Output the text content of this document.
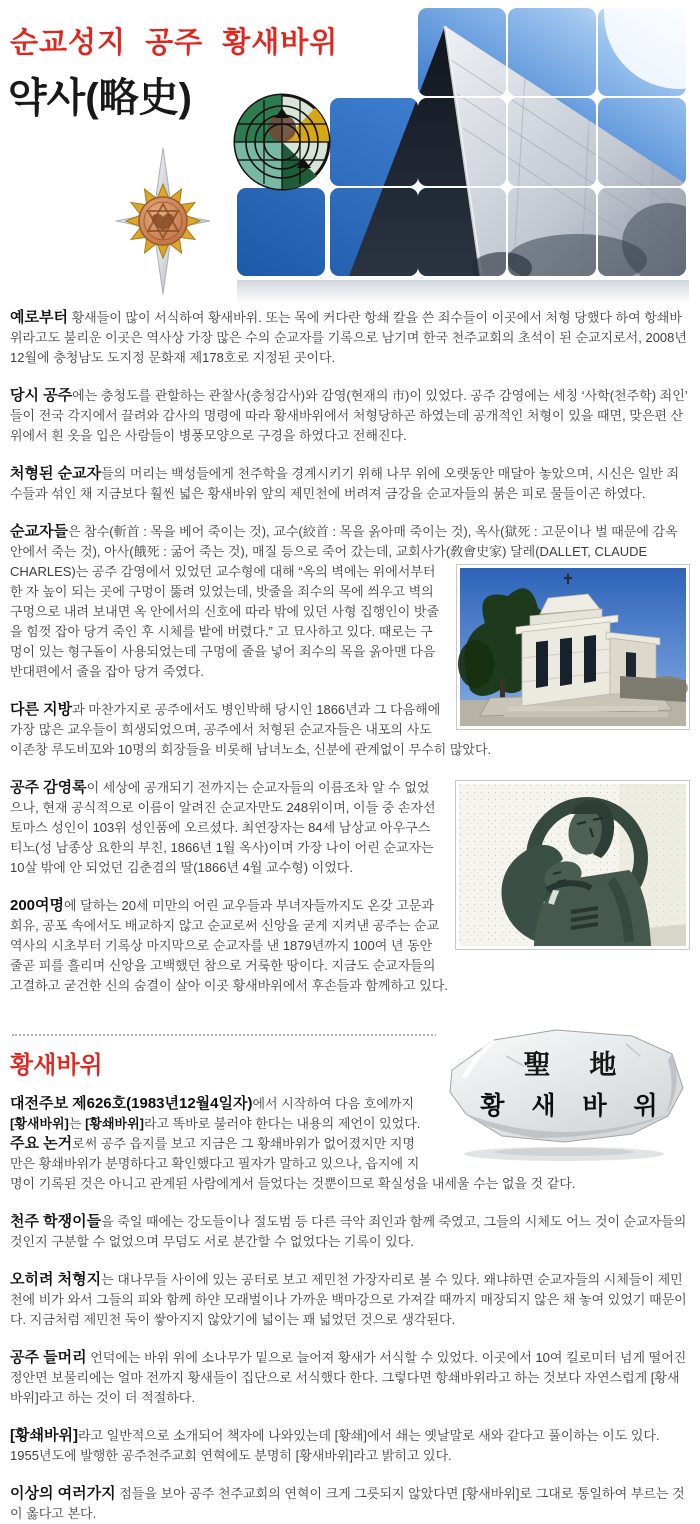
순교성지 공주 황새바위
약사(略史)

예로부터 황새들이 많이 서식하여 황새바위. 또는 목에 커다란 항쇄 칼을 쓴 죄수들이 이곳에서 처형 당했다 하여 항쇄바위라고도 불리운 이곳은 역사상 가장 많은 수의 순교자를 기록으로 남기며 한국 천주교회의 초석이 된 순교지로서, 2008년 12월에 충청남도 도지정 문화재 제178호로 지정된 곳이다.

당시 공주에는 충청도를 관할하는 관찰사(충청감사)와 감영(현재의 市)이 있었다. 공주 감영에는 세칭 ‘사학(천주학) 죄인’ 들이 전국 각지에서 끌려와 감사의 명령에 따라 황새바위에서 처형당하곤 하였는데 공개적인 처형이 있을 때면, 맞은편 산 위에서 흰 옷을 입은 사람들이 병풍모양으로 구경을 하였다고 전해진다.

처형된 순교자들의 머리는 백성들에게 천주학을 경계시키기 위해 나무 위에 오랫동안 매달아 놓았으며, 시신은 일반 죄수들과 섞인 채 지금보다 훨씬 넓은 황새바위 앞의 제민천에 버려져 금강을 순교자들의 붉은 피로 물들이곤 하였다.

순교자들은 참수(斬首 : 목을 베어 죽이는 것), 교수(絞首 : 목을 옭아매 죽이는 것), 옥사(獄死 : 고문이나 벌 때문에 감옥 안에서 죽는 것), 아사(餓死 : 굶어 죽는 것), 매질 등으로 죽어 갔는데, 교회사가(敎會史家) 달레(DALLET, CLAUDE CHARLES)는 공주 감영에서 있었던
교수형에 대해 “옥의 벽에는 위에서부터 한 자 높이 되는 곳에 구멍이 뚫려 있었는데, 밧줄을 죄수의 목에 씌우고 벽의 구멍으로 내려 보내면 옥 안에서의 신호에 따라 밖에 있던 사형 집행인이 밧줄을 힘껏 잡아 당겨 죽인 후 시체를 밭에 버렸다.” 고 묘사하고 있다. 때로는 구멍이 있는 형구돌이 사용되었는데 구멍에 줄을 넣어 죄수의 목을 옭아맨 다음 반대편에서 줄을 잡아 당겨 죽였다.

다른 지방과 마찬가지로 공주에서도 병인박해 당시인 1866년과 그 다음해에 가장 많은 교우들이 희생되었으며, 공주에서 처형된 순교자들은 내포의 사도 이존창 루도비꼬와 10명의 회장들을 비롯해 남녀노소, 신분에 관계없이 무수히 많았다.

공주 감영록이 세상에 공개되기 전까지는 순교자들의 이름조차 알 수 없었으나, 현재 공식적으로 이름이 알려진 순교자만도 248위이며, 이들 중 손자선 토마스 성인이 103위 성인품에 오르셨다. 최연장자는 84세 남상교 아우구스티노(성 남종상 요한의 부친, 1866년 1월 옥사)이며 가장 나이 어린 순교자는 10살 밖에 안 되었던 김춘겸의 딸(1866년 4월 교수형) 이었다.

200여명에 달하는 20세 미만의 어린 교우들과 부녀자들까지도 온갖 고문과 회유, 공포 속에서도 배교하지 않고 순교로써 신앙을 굳게 지켜낸 공주는 순교 역사의 시초부터 기록상 마지막으로 순교자를 낸 1879년까지 100여 년 동안 줄곧 피를 흘리며 신앙을 고백했던 참으로 거룩한 땅이다. 지금도 순교자들의 고결하고 굳건한 신의 숨결이 살아 이곳 황새바위에서 후손들과 함께하고 있다.

聖 地
황 새 바 위
황새바위

대전주보 제626호(1983년12월4일자)에서 시작하여 다음 호에까지
[황새바위]는 [황쇄바위]라고 똑바로 불러야 한다는 내용의 제언이 있었다.
주요 논거로써 공주 읍지를 보고 지금은 그 황쇄바위가 없어졌지만 지명만은 황쇄바위가 분명하다고 확인했다고 필자가 말하고 있으나, 읍지에 지명이 기록된 것은 아니고 관계된 사람에게서 들었다는 것뿐이므로 확실성을 내세울 수는 없을 것 같다.

천주 학쟁이들을 죽일 때에는 강도들이나 절도범 등 다른 극악 죄인과 함께 죽였고, 그들의 시체도 어느 것이 순교자들의 것인지 구분할 수 없었으며 무덤도 서로 분간할 수 없었다는 기록이 있다.

오히려 처형지는 대나무들 사이에 있는 공터로 보고 제민천 가장자리로 볼 수 있다. 왜냐하면 순교자들의 시체들이 제민천에 비가 와서 그들의 피와 함께 하얀 모래벌이나 가까운 백마강으로 가져갈 때까지 매장되지 않은 채 놓여 있었기 때문이다. 지금처럼 제민천 둑이 쌓아지지 않았기에 넓이는 꽤 넓었던 것으로 생각된다.

공주 들머리 언덕에는 바위 위에 소나무가 밑으로 늘어져 황새가 서식할 수 있었다. 이곳에서 10여 킬로미터 넘게 떨어진 정안면 보물리에는 얼마 전까지 황새들이 집단으로 서식했다 한다. 그렇다면 항쇄바위라고 하는 것보다 자연스럽게 [황새바위]라고 하는 것이 더 적절하다.

[황쇄바위]라고 일반적으로 소개되어 책자에 나와있는데 [황쇄]에서 쇄는 옛날말로 새와 같다고 풀이하는 이도 있다. 1955년도에 발행한 공주천주교회 연혁에도 분명히 [황새바위]라고 밝히고 있다.

이상의 여러가지 점들을 보아 공주 천주교회의 연혁이 크게 그릇되지 않았다면 [황새바위]로 그대로 통일하여 부르는 것이 옳다고 본다.
